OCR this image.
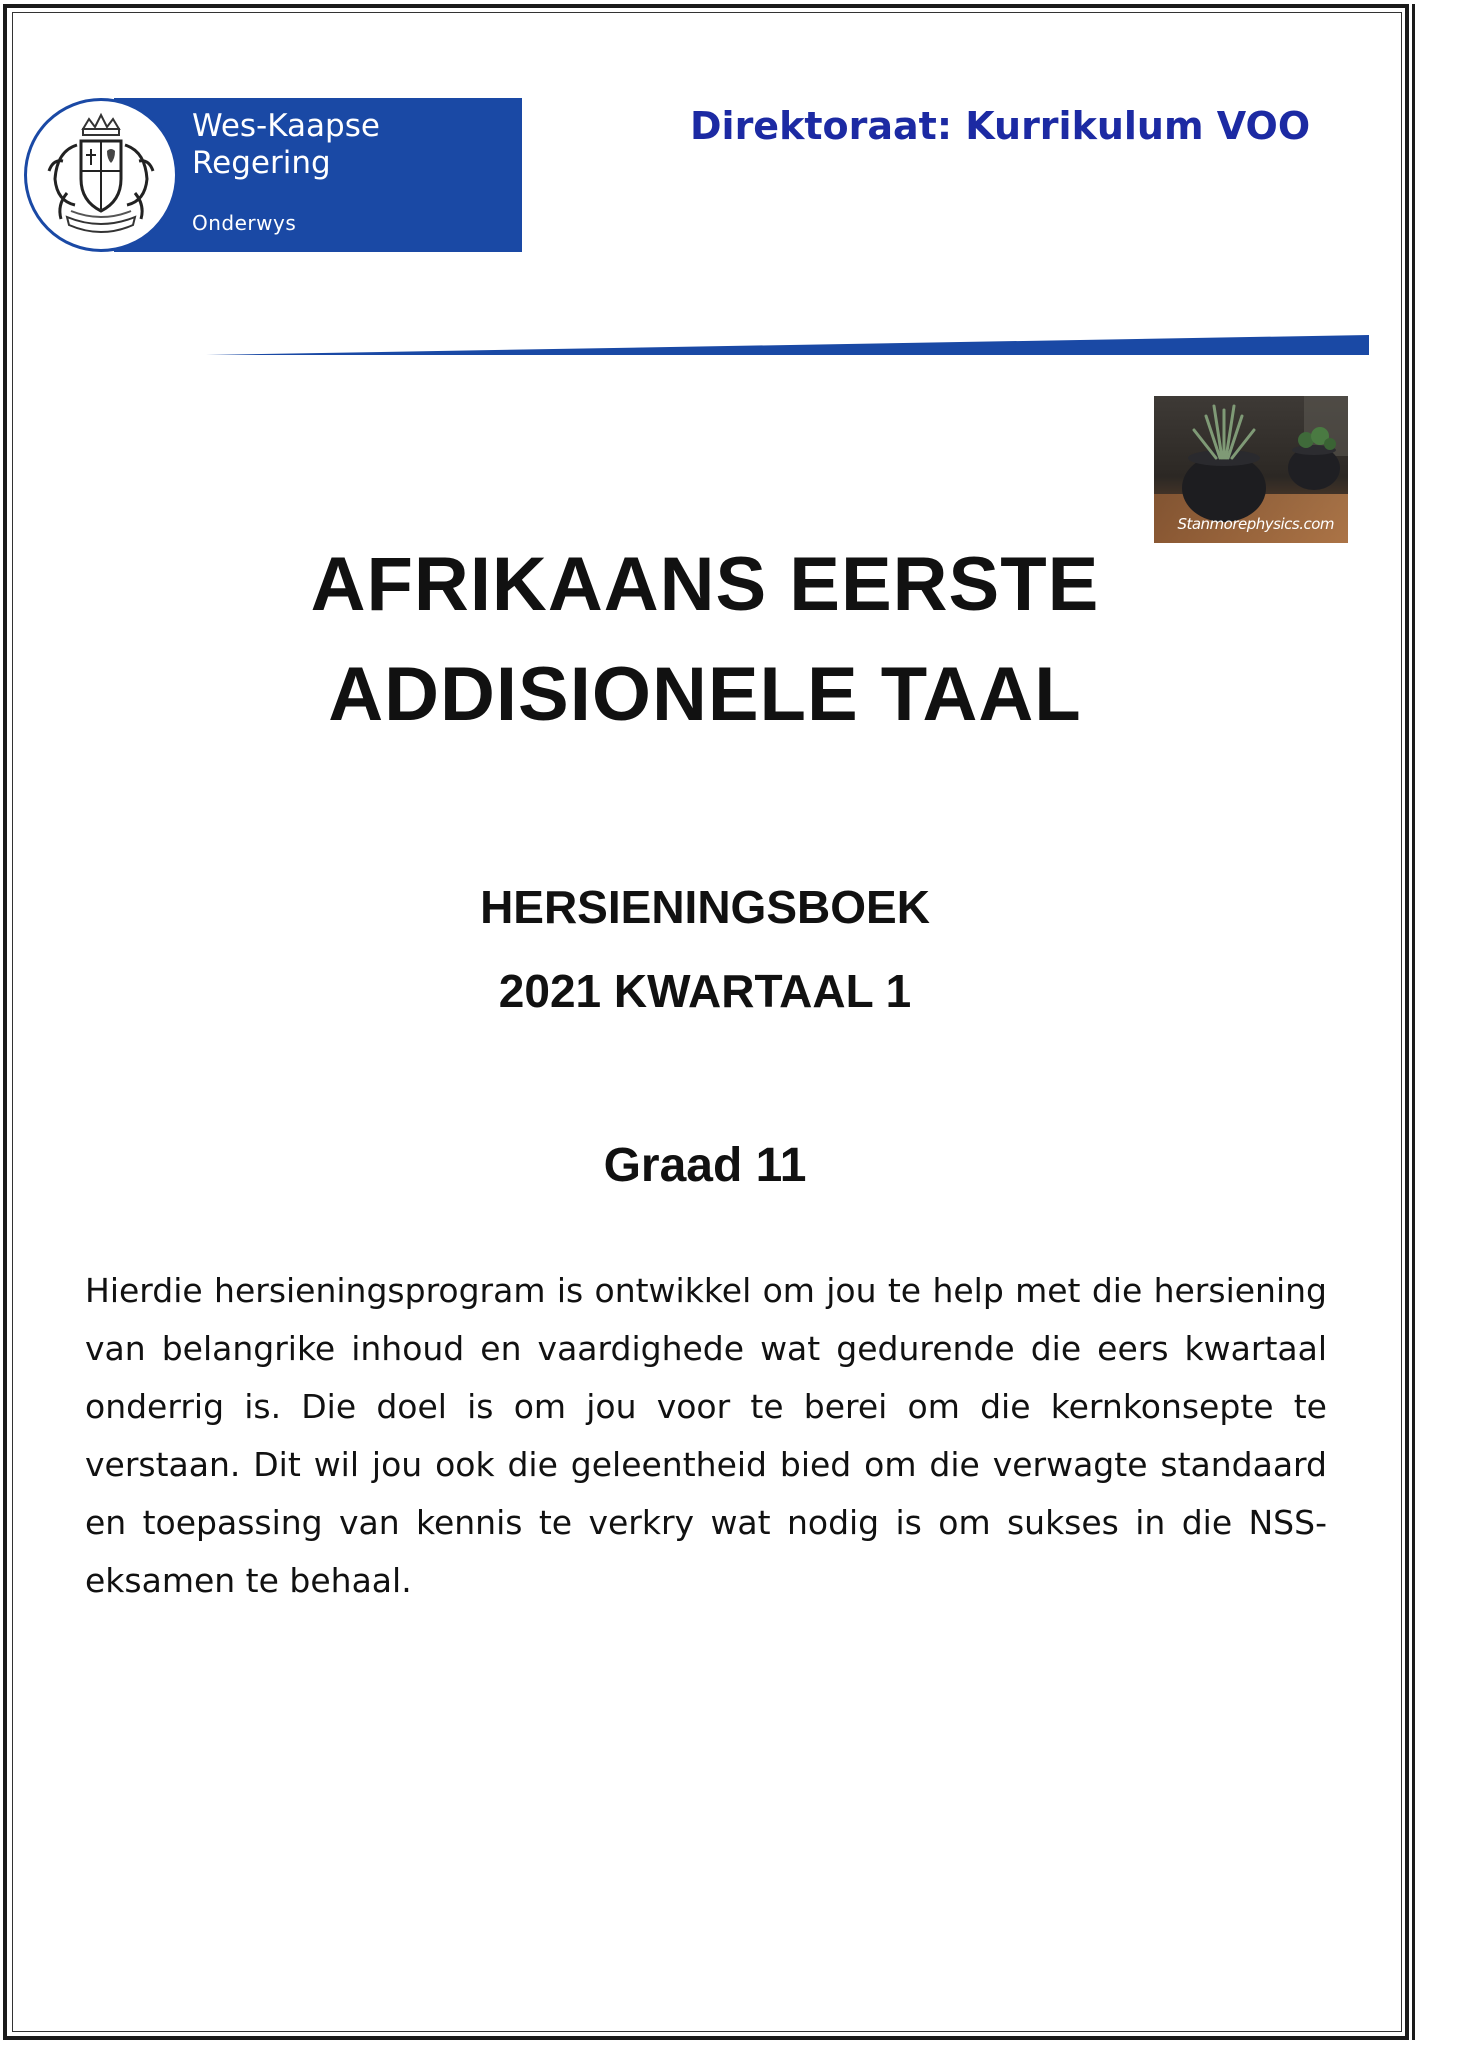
Wes-Kaapse
Regering
Onderwys
Direktoraat: Kurrikulum VOO
Stanmorephysics.com
AFRIKAANS EERSTE
ADDISIONELE TAAL
HERSIENINGSBOEK
2021 KWARTAAL 1
Graad 11

Hierdie hersieningsprogram is ontwikkel om jou te help met die hersiening van belangrike inhoud en vaardighede wat gedurende die eers kwartaal onderrig is. Die doel is om jou voor te berei om die kernkonsepte te verstaan. Dit wil jou ook die geleentheid bied om die verwagte standaard en toepassing van kennis te verkry wat nodig is om sukses in die NSS-eksamen te behaal.
